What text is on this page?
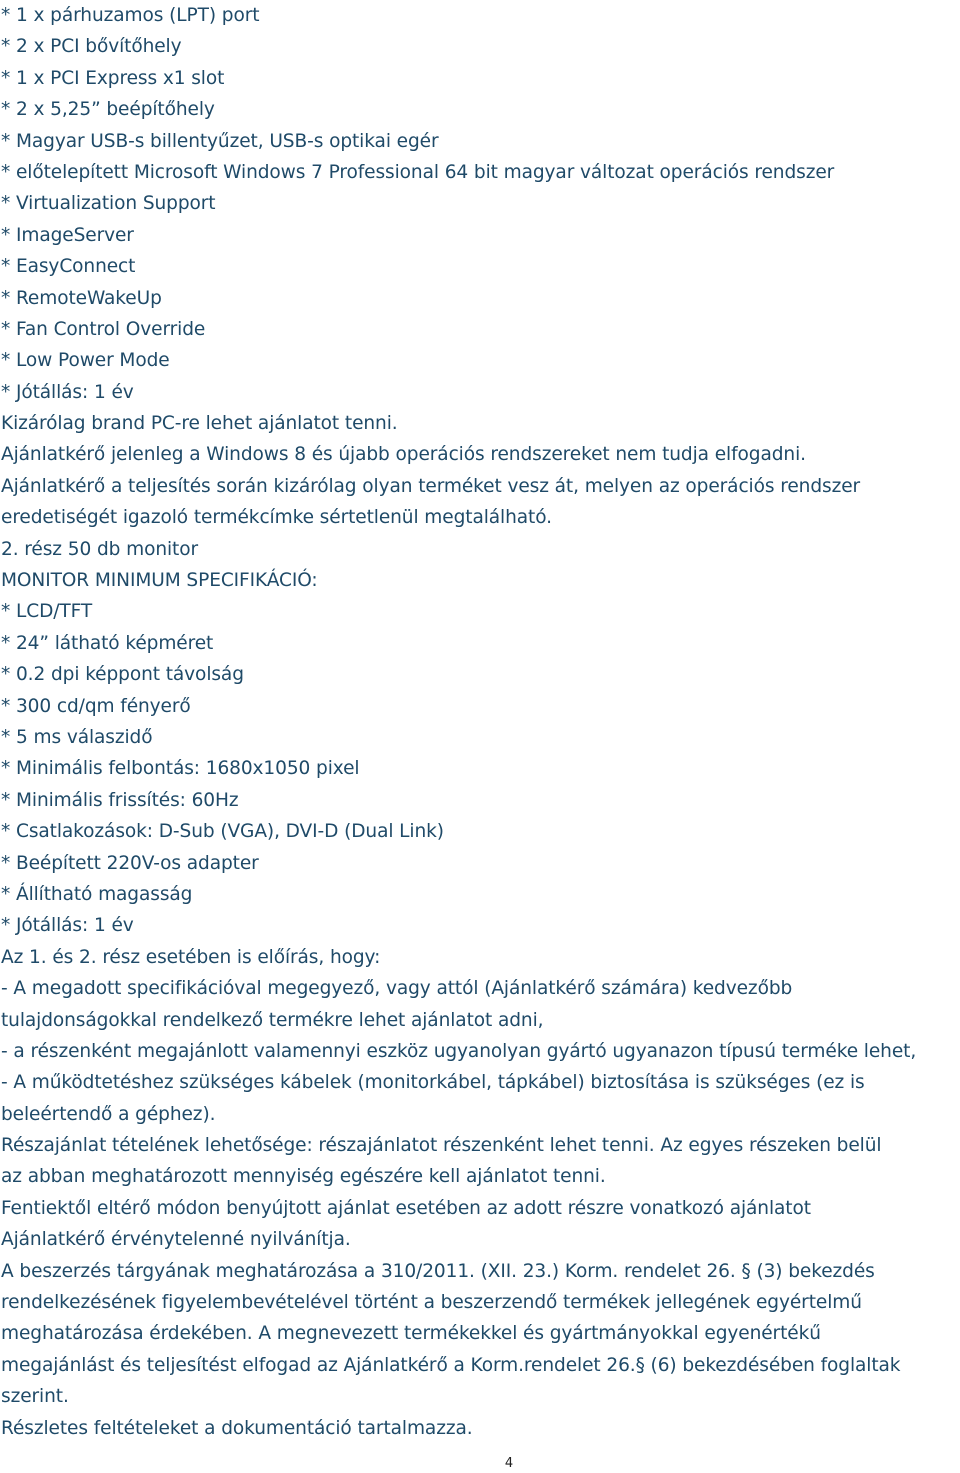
* 1 x párhuzamos (LPT) port
* 2 x PCI bővítőhely
* 1 x PCI Express x1 slot
* 2 x 5,25” beépítőhely
* Magyar USB-s billentyűzet, USB-s optikai egér
* előtelepített Microsoft Windows 7 Professional 64 bit magyar változat operációs rendszer
* Virtualization Support
* ImageServer
* EasyConnect
* RemoteWakeUp
* Fan Control Override
* Low Power Mode
* Jótállás: 1 év
Kizárólag brand PC-re lehet ajánlatot tenni.
Ajánlatkérő jelenleg a Windows 8 és újabb operációs rendszereket nem tudja elfogadni.
Ajánlatkérő a teljesítés során kizárólag olyan terméket vesz át, melyen az operációs rendszer
eredetiségét igazoló termékcímke sértetlenül megtalálható.
2. rész 50 db monitor
MONITOR MINIMUM SPECIFIKÁCIÓ:
* LCD/TFT
* 24” látható képméret
* 0.2 dpi képpont távolság
* 300 cd/qm fényerő
* 5 ms válaszidő
* Minimális felbontás: 1680x1050 pixel
* Minimális frissítés: 60Hz
* Csatlakozások: D-Sub (VGA), DVI-D (Dual Link)
* Beépített 220V-os adapter
* Állítható magasság
* Jótállás: 1 év
Az 1. és 2. rész esetében is előírás, hogy:
- A megadott specifikációval megegyező, vagy attól (Ajánlatkérő számára) kedvezőbb
tulajdonságokkal rendelkező termékre lehet ajánlatot adni,
- a részenként megajánlott valamennyi eszköz ugyanolyan gyártó ugyanazon típusú terméke lehet,
- A működtetéshez szükséges kábelek (monitorkábel, tápkábel) biztosítása is szükséges (ez is
beleértendő a géphez).
Részajánlat tételének lehetősége: részajánlatot részenként lehet tenni. Az egyes részeken belül
az abban meghatározott mennyiség egészére kell ajánlatot tenni.
Fentiektől eltérő módon benyújtott ajánlat esetében az adott részre vonatkozó ajánlatot
Ajánlatkérő érvénytelenné nyilvánítja.
A beszerzés tárgyának meghatározása a 310/2011. (XII. 23.) Korm. rendelet 26. § (3) bekezdés
rendelkezésének figyelembevételével történt a beszerzendő termékek jellegének egyértelmű
meghatározása érdekében. A megnevezett termékekkel és gyártmányokkal egyenértékű
megajánlást és teljesítést elfogad az Ajánlatkérő a Korm.rendelet 26.§ (6) bekezdésében foglaltak
szerint.
Részletes feltételeket a dokumentáció tartalmazza.
4
